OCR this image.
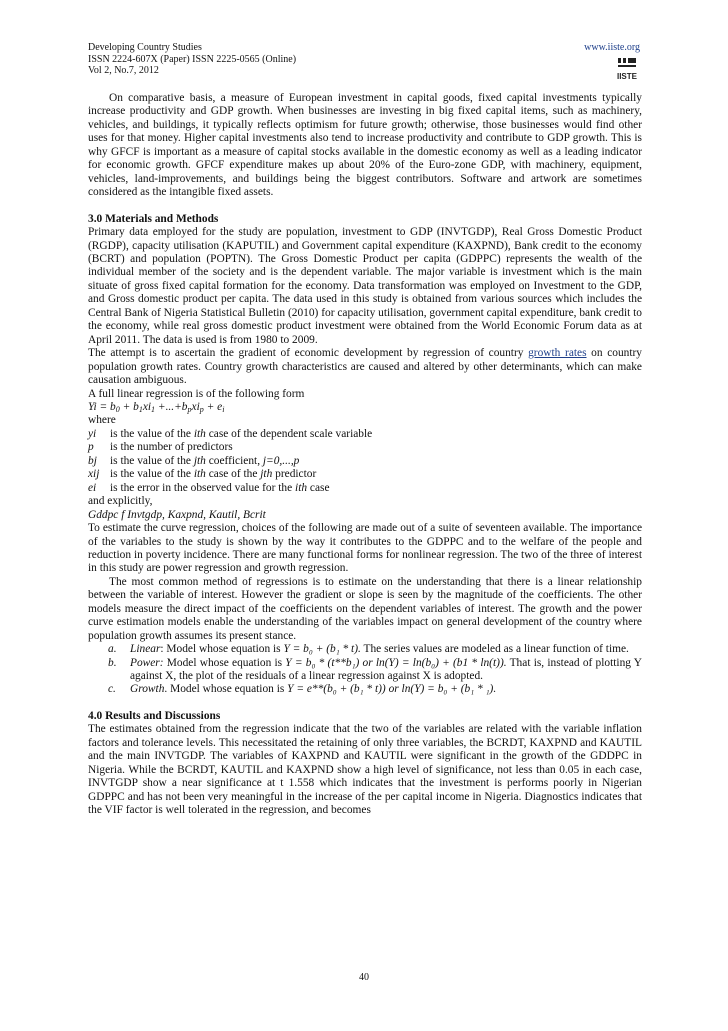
Developing Country Studies
ISSN 2224-607X (Paper) ISSN 2225-0565 (Online)
Vol 2, No.7, 2012
www.iiste.org
IISTE

On comparative basis, a measure of European investment in capital goods, fixed capital investments typically increase productivity and GDP growth. When businesses are investing in big fixed capital items, such as machinery, vehicles, and buildings, it typically reflects optimism for future growth; otherwise, those businesses would find other uses for that money. Higher capital investments also tend to increase productivity and contribute to GDP growth. This is why GFCF is important as a measure of capital stocks available in the domestic economy as well as a leading indicator for economic growth. GFCF expenditure makes up about 20% of the Euro-zone GDP, with machinery, equipment, vehicles, land-improvements, and buildings being the biggest contributors. Software and artwork are sometimes considered as the intangible fixed assets.

3.0 Materials and Methods

Primary data employed for the study are population, investment to GDP (INVTGDP), Real Gross Domestic Product (RGDP), capacity utilisation (KAPUTIL) and Government capital expenditure (KAXPND), Bank credit to the economy (BCRT) and population (POPTN). The Gross Domestic Product per capita (GDPPC) represents the wealth of the individual member of the society and is the dependent variable. The major variable is investment which is the main situate of gross fixed capital formation for the economy. Data transformation was employed on Investment to the GDP, and Gross domestic product per capita. The data used in this study is obtained from various sources which includes the Central Bank of Nigeria Statistical Bulletin (2010) for capacity utilisation, government capital expenditure, bank credit to the economy, while real gross domestic product investment were obtained from the World Economic Forum data as at April 2011. The data is used is from 1980 to 2009.

The attempt is to ascertain the gradient of economic development by regression of country growth rates on country population growth rates. Country growth characteristics are caused and altered by other determinants, which can make causation ambiguous.

A full linear regression is of the following form

$Yi = b_0 + b_1xi_1 +...+b_pxi_p + e_i$

where

yi	is the value of the ith case of the dependent scale variable
p	is the number of predictors
bj	is the value of the jth coefficient, j=0,...,p
xij is the value of the ith case of the jth predictor
ei	is the error in the observed value for the ith case

and explicitly,

Gddpc f Invtgdp, Kaxpnd, Kautil, Bcrit

To estimate the curve regression, choices of the following are made out of a suite of seventeen available. The importance of the variables to the study is shown by the way it contributes to the GDPPC and to the welfare of the people and reduction in poverty incidence. There are many functional forms for nonlinear regression. The two of the three of interest in this study are power regression and growth regression.

The most common method of regressions is to estimate on the understanding that there is a linear relationship between the variable of interest. However the gradient or slope is seen by the magnitude of the coefficients. The other models measure the direct impact of the coefficients on the dependent variables of interest. The growth and the power curve estimation models enable the understanding of the variables impact on general development of the country where population growth assumes its present stance.

a.	Linear: Model whose equation is Y = b₀ + (b₁ * t). The series values are modeled as a linear function of time.
b.	Power: Model whose equation is Y = b₀ * (t**b₁) or ln(Y) = ln(b₀) + (b1 * ln(t)). That is, instead of plotting Y against X, the plot of the residuals of a linear regression against X is adopted.
c.	Growth. Model whose equation is Y = e**(b₀ + (b₁ * t)) or ln(Y) = b₀ + (b₁ * ₁).

4.0 Results and Discussions

The estimates obtained from the regression indicate that the two of the variables are related with the variable inflation factors and tolerance levels. This necessitated the retaining of only three variables, the BCRDT, KAXPND and KAUTIL and the main INVTGDP. The variables of KAXPND and KAUTIL were significant in the growth of the GDDPC in Nigeria. While the BCRDT, KAUTIL and KAXPND show a high level of significance, not less than 0.05 in each case, INVTGDP show a near significance at t 1.558 which indicates that the investment is performs poorly in Nigerian GDPPC and has not been very meaningful in the increase of the per capital income in Nigeria. Diagnostics indicates that the VIF factor is well tolerated in the regression, and becomes

40
